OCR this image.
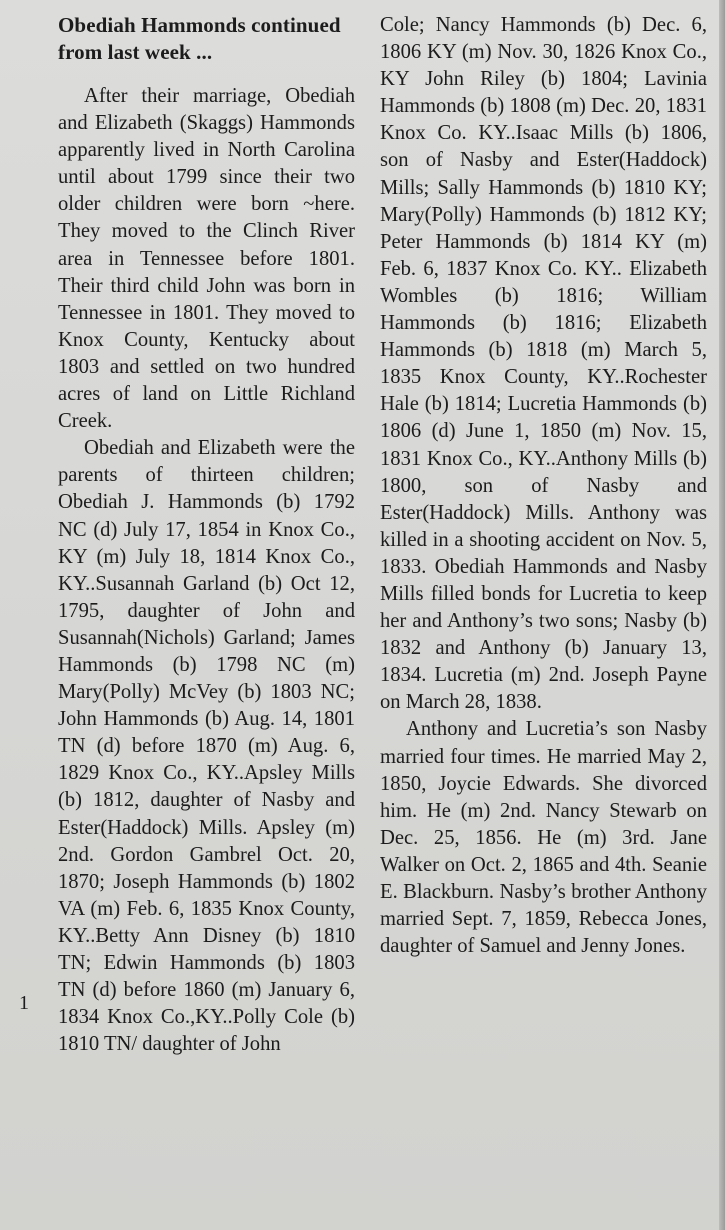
Obediah Hammonds continued from last week ...

After their marriage, Obediah and Elizabeth (Skaggs) Hammonds apparently lived in North Carolina until about 1799 since their two older children were born ~here. They moved to the Clinch River area in Tennessee before 1801. Their third child John was born in Tennessee in 1801. They moved to Knox County, Kentucky about 1803 and settled on two hundred acres of land on Little Richland Creek.

Obediah and Elizabeth were the parents of thirteen children; Obediah J. Hammonds (b) 1792 NC (d) July 17, 1854 in Knox Co., KY (m) July 18, 1814 Knox Co., KY..Susannah Garland (b) Oct 12, 1795, daughter of John and Susannah(Nichols) Garland; James Hammonds (b) 1798 NC (m) Mary(Polly) McVey (b) 1803 NC; John Hammonds (b) Aug. 14, 1801 TN (d) before 1870 (m) Aug. 6, 1829 Knox Co., KY..Apsley Mills (b) 1812, daughter of Nasby and Ester(Haddock) Mills. Apsley (m) 2nd. Gordon Gambrel Oct. 20, 1870; Joseph Hammonds (b) 1802 VA (m) Feb. 6, 1835 Knox County, KY..Betty Ann Disney (b) 1810 TN; Edwin Hammonds (b) 1803 TN (d) before 1860 (m) January 6, 1834 Knox Co.,KY..Polly Cole (b) 1810 TN/ daughter of John

Cole; Nancy Hammonds (b) Dec. 6, 1806 KY (m) Nov. 30, 1826 Knox Co., KY John Riley (b) 1804; Lavinia Hammonds (b) 1808 (m) Dec. 20, 1831 Knox Co. KY..Isaac Mills (b) 1806, son of Nasby and Ester(Haddock) Mills; Sally Hammonds (b) 1810 KY; Mary(Polly) Hammonds (b) 1812 KY; Peter Hammonds (b) 1814 KY (m) Feb. 6, 1837 Knox Co. KY.. Elizabeth Wombles (b) 1816; William Hammonds (b) 1816; Elizabeth Hammonds (b) 1818 (m) March 5, 1835 Knox County, KY..Rochester Hale (b) 1814; Lucretia Hammonds (b) 1806 (d) June 1, 1850 (m) Nov. 15, 1831 Knox Co., KY..Anthony Mills (b) 1800, son of Nasby and Ester(Haddock) Mills. Anthony was killed in a shooting accident on Nov. 5, 1833. Obediah Hammonds and Nasby Mills filled bonds for Lucretia to keep her and Anthony’s two sons; Nasby (b) 1832 and Anthony (b) January 13, 1834. Lucretia (m) 2nd. Joseph Payne on March 28, 1838.

Anthony and Lucretia’s son Nasby married four times. He married May 2, 1850, Joycie Edwards. She divorced him. He (m) 2nd. Nancy Stewarb on Dec. 25, 1856. He (m) 3rd. Jane Walker on Oct. 2, 1865 and 4th. Seanie E. Blackburn. Nasby’s brother Anthony married Sept. 7, 1859, Rebecca Jones, daughter of Samuel and Jenny Jones.

1
